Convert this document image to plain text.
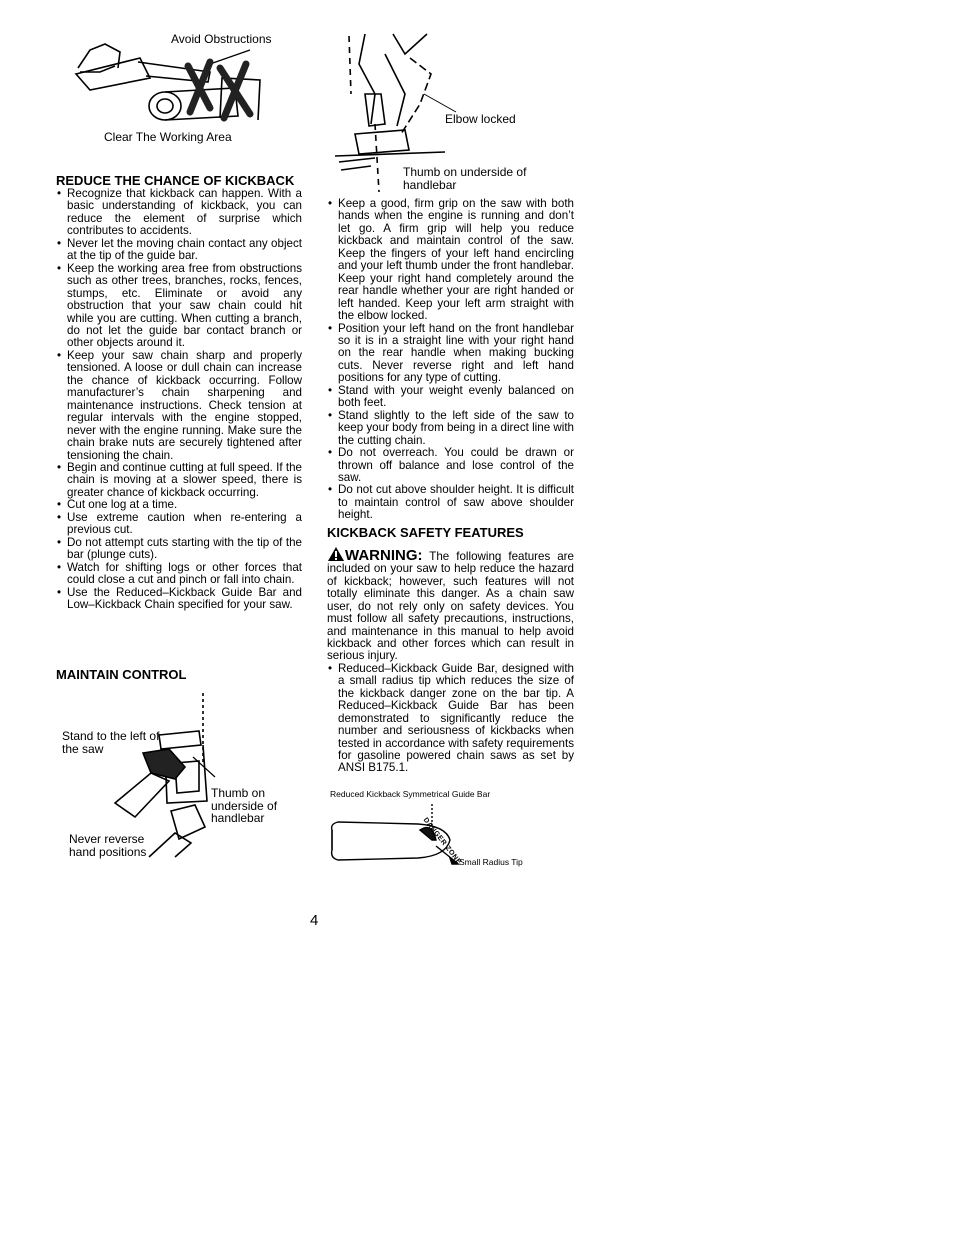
Avoid Obstructions
Clear The Working Area
Elbow locked
Thumb on underside of handlebar
REDUCE THE CHANCE OF KICKBACK
• Recognize that kickback can happen. With a basic understanding of kickback, you can reduce the element of surprise which contributes to accidents.
• Never let the moving chain contact any object at the tip of the guide bar.
• Keep the working area free from obstructions such as other trees, branches, rocks, fences, stumps, etc. Eliminate or avoid any obstruction that your saw chain could hit while you are cutting. When cutting a branch, do not let the guide bar contact branch or other objects around it.
• Keep your saw chain sharp and properly tensioned. A loose or dull chain can increase the chance of kickback occurring. Follow manufacturer’s chain sharpening and maintenance instructions. Check tension at regular intervals with the engine stopped, never with the engine running. Make sure the chain brake nuts are securely tightened after tensioning the chain.
• Begin and continue cutting at full speed. If the chain is moving at a slower speed, there is greater chance of kickback occurring.
• Cut one log at a time.
• Use extreme caution when re-entering a previous cut.
• Do not attempt cuts starting with the tip of the bar (plunge cuts).
• Watch for shifting logs or other forces that could close a cut and pinch or fall into chain.
• Use the Reduced–Kickback Guide Bar and Low–Kickback Chain specified for your saw.
MAINTAIN CONTROL
Stand to the left of the saw
Thumb on underside of handlebar
Never reverse hand positions
• Keep a good, firm grip on the saw with both hands when the engine is running and don’t let go. A firm grip will help you reduce kickback and maintain control of the saw. Keep the fingers of your left hand encircling and your left thumb under the front handlebar. Keep your right hand completely around the rear handle whether your are right handed or left handed. Keep your left arm straight with the elbow locked.
• Position your left hand on the front handlebar so it is in a straight line with your right hand on the rear handle when making bucking cuts. Never reverse right and left hand positions for any type of cutting.
• Stand with your weight evenly balanced on both feet.
• Stand slightly to the left side of the saw to keep your body from being in a direct line with the cutting chain.
• Do not overreach. You could be drawn or thrown off balance and lose control of the saw.
• Do not cut above shoulder height. It is difficult to maintain control of saw above shoulder height.
KICKBACK SAFETY FEATURES

WARNING: The following features are included on your saw to help reduce the hazard of kickback; however, such features will not totally eliminate this danger. As a chain saw user, do not rely only on safety devices. You must follow all safety precautions, instructions, and maintenance in this manual to help avoid kickback and other forces which can result in serious injury.

• Reduced–Kickback Guide Bar, designed with a small radius tip which reduces the size of the kickback danger zone on the bar tip. A Reduced–Kickback Guide Bar has been demonstrated to significantly reduce the number and seriousness of kickbacks when tested in accordance with safety requirements for gasoline powered chain saws as set by ANSI B175.1.
Reduced Kickback Symmetrical Guide Bar
DANGER ZONE
Small Radius Tip
4
